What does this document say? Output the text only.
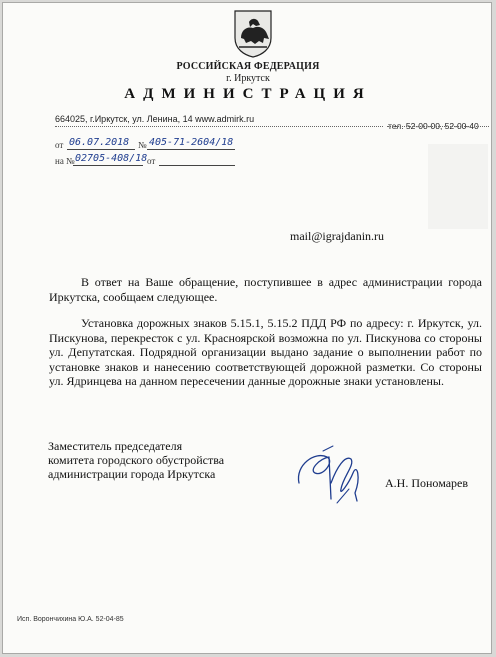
РОССИЙСКАЯ ФЕДЕРАЦИЯ
г. Иркутск
АДМИНИСТРАЦИЯ
664025, г.Иркутск, ул. Ленина, 14 www.admirk.ru
тел. 52-00-00, 52-00-40
от 06.07.2018 № 405-71-2604/18
на № 02705-408/18 от
mail@igrajdanin.ru
В ответ на Ваше обращение, поступившее в адрес администрации города Иркутска, сообщаем следующее.
Установка дорожных знаков 5.15.1, 5.15.2 ПДД РФ по адресу: г. Иркутск, ул. Пискунова, перекресток с ул. Красноярской возможна по ул. Пискунова со стороны ул. Депутатская. Подрядной организации выдано задание о выполнении работ по установке знаков и нанесению соответствующей дорожной разметки. Со стороны ул. Ядринцева на данном пересечении данные дорожные знаки установлены.
Заместитель председателя
комитета городского обустройства
администрации города Иркутска
А.Н. Пономарев
Исп. Ворончихина Ю.А. 52-04-85
